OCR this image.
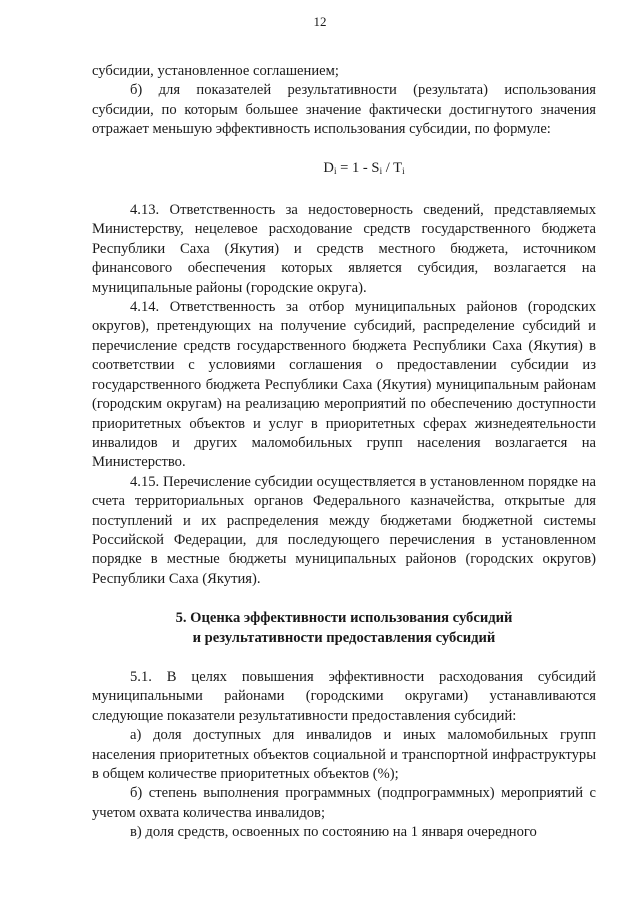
12

субсидии, установленное соглашением;

б) для показателей результативности (результата) использования субсидии, по которым большее значение фактически достигнутого значения отражает меньшую эффективность использования субсидии, по формуле:

$D_i = 1 - S_i / T_i$

4.13. Ответственность за недостоверность сведений, представляемых Министерству, нецелевое расходование средств государственного бюджета Республики Саха (Якутия) и средств местного бюджета, источником финансового обеспечения которых является субсидия, возлагается на муниципальные районы (городские округа).

4.14. Ответственность за отбор муниципальных районов (городских округов), претендующих на получение субсидий, распределение субсидий и перечисление средств государственного бюджета Республики Саха (Якутия) в соответствии с условиями соглашения о предоставлении субсидии из государственного бюджета Республики Саха (Якутия) муниципальным районам (городским округам) на реализацию мероприятий по обеспечению доступности приоритетных объектов и услуг в приоритетных сферах жизнедеятельности инвалидов и других маломобильных групп населения возлагается на Министерство.

4.15. Перечисление субсидии осуществляется в установленном порядке на счета территориальных органов Федерального казначейства, открытые для поступлений и их распределения между бюджетами бюджетной системы Российской Федерации, для последующего перечисления в установленном порядке в местные бюджеты муниципальных районов (городских округов) Республики Саха (Якутия).

5. Оценка эффективности использования субсидий
и результативности предоставления субсидий

5.1. В целях повышения эффективности расходования субсидий муниципальными районами (городскими округами) устанавливаются следующие показатели результативности предоставления субсидий:

а) доля доступных для инвалидов и иных маломобильных групп населения приоритетных объектов социальной и транспортной инфраструктуры в общем количестве приоритетных объектов (%);

б) степень выполнения программных (подпрограммных) мероприятий с учетом охвата количества инвалидов;

в) доля средств, освоенных по состоянию на 1 января очередного
